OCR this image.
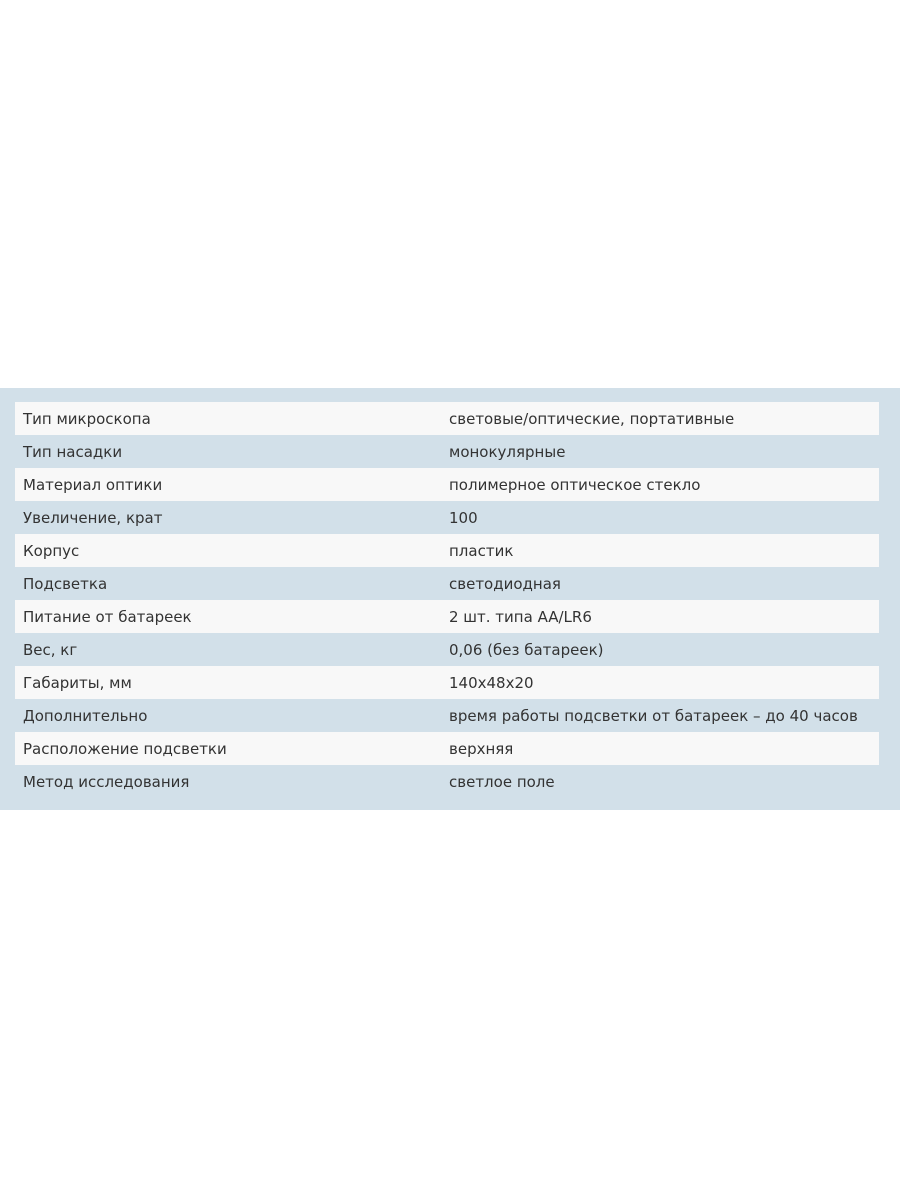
Тип микроскопа	световые/оптические, портативные
Тип насадки	монокулярные
Материал оптики	полимерное оптическое стекло
Увеличение, крат	100
Корпус	пластик
Подсветка	светодиодная
Питание от батареек	2 шт. типа AA/LR6
Вес, кг	0,06 (без батареек)
Габариты, мм	140х48х20
Дополнительно	время работы подсветки от батареек – до 40 часов
Расположение подсветки	верхняя
Метод исследования	светлое поле
